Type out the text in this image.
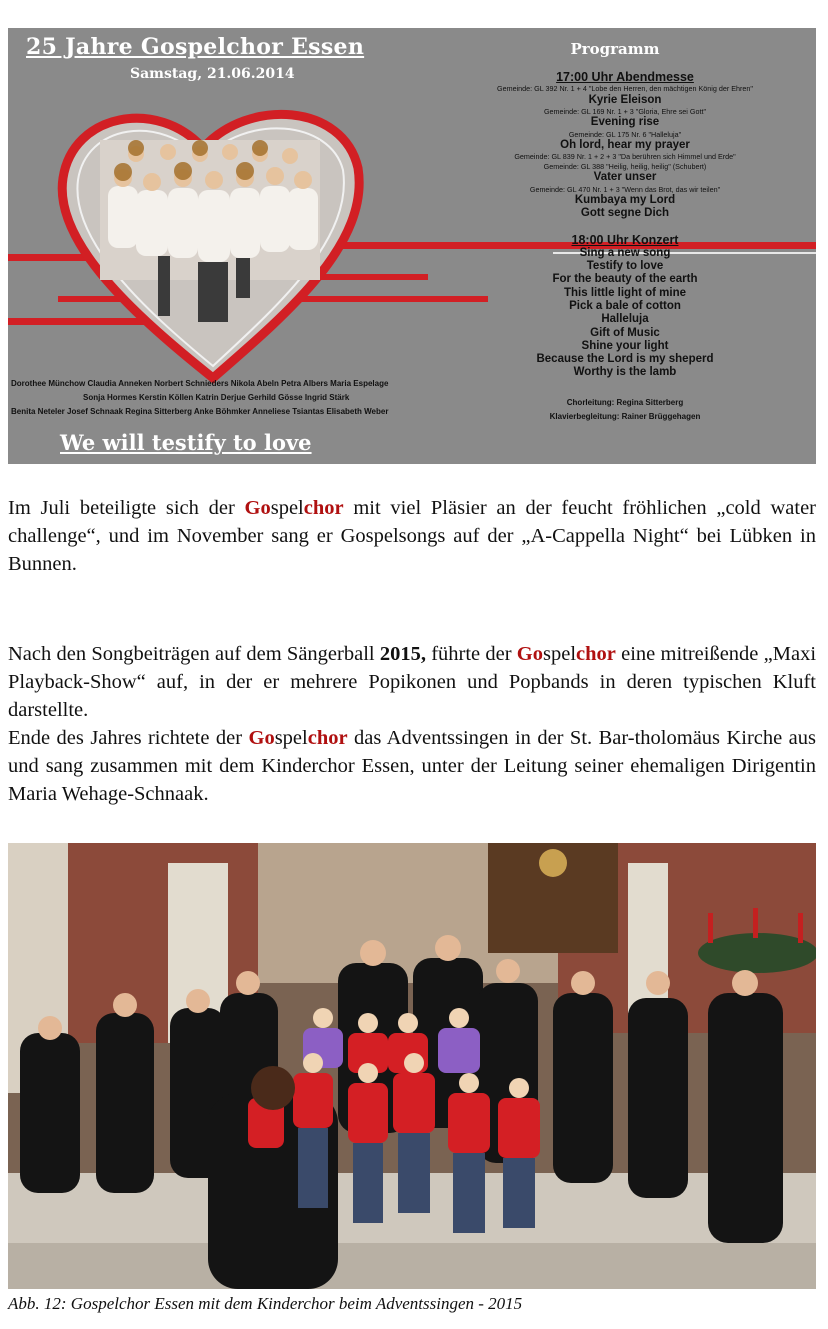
25 Jahre Gospelchor Essen
Samstag, 21.06.2014
Dorothee Münchow Claudia Anneken Norbert Schnieders Nikola Abeln Petra Albers Maria Espelage
Sonja Hormes Kerstin Köllen Katrin Derjue Gerhild Gösse Ingrid Stärk
Benita Neteler Josef Schnaak Regina Sitterberg Anke Böhmker Anneliese Tsiantas Elisabeth Weber
We will testify to love
Programm
17:00 Uhr Abendmesse
Gemeinde: GL 392 Nr. 1 + 4 "Lobe den Herren, den mächtigen König der Ehren"
Kyrie Eleison
Gemeinde: GL 169 Nr. 1 + 3 "Gloria, Ehre sei Gott"
Evening rise
Gemeinde: GL 175 Nr. 6 "Halleluja"
Oh lord, hear my prayer
Gemeinde: GL 839 Nr. 1 + 2 + 3 "Da berühren sich Himmel und Erde"
Gemeinde: GL 388 "Heilig, heilig, heilig" (Schubert)
Vater unser
Gemeinde: GL 470 Nr. 1 + 3 "Wenn das Brot, das wir teilen"
Kumbaya my Lord
Gott segne Dich
18:00 Uhr Konzert
Sing a new song
Testify to love
For the beauty of the earth
This little light of mine
Pick a bale of cotton
Halleluja
Gift of Music
Shine your light
Because the Lord is my sheperd
Worthy is the lamb
Chorleitung: Regina Sitterberg
Klavierbegleitung: Rainer Brüggehagen
Im Juli beteiligte sich der Gospelchor mit viel Pläsier an der feucht fröhlichen „cold water challenge“, und im November sang er Gospelsongs auf der „A-Cappella Night“ bei Lübken in Bunnen.
Nach den Songbeiträgen auf dem Sängerball 2015, führte der Gospelchor eine mitreißende „Maxi Playback-Show“ auf, in der er mehrere Popikonen und Popbands in deren typischen Kluft darstellte.
Ende des Jahres richtete der Gospelchor das Adventssingen in der St. Bar-tholomäus Kirche aus und sang zusammen mit dem Kinderchor Essen, unter der Leitung seiner ehemaligen Dirigentin Maria Wehage-Schnaak.
Abb. 12: Gospelchor Essen mit dem Kinderchor beim Adventssingen - 2015
